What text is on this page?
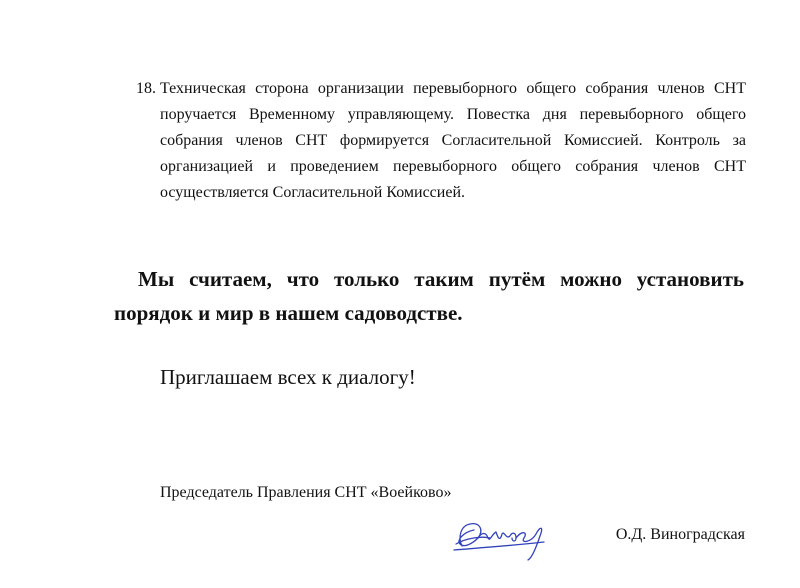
18. Техническая сторона организации перевыборного общего собрания членов СНТ поручается Временному управляющему. Повестка дня перевыборного общего собрания членов СНТ формируется Согласительной Комиссией. Контроль за организацией и проведением перевыборного общего собрания членов СНТ осуществляется Согласительной Комиссией.
Мы считаем, что только таким путём можно установить порядок и мир в нашем садоводстве.
Приглашаем всех к диалогу!
Председатель Правления СНТ «Воейково»
О.Д. Виноградская
